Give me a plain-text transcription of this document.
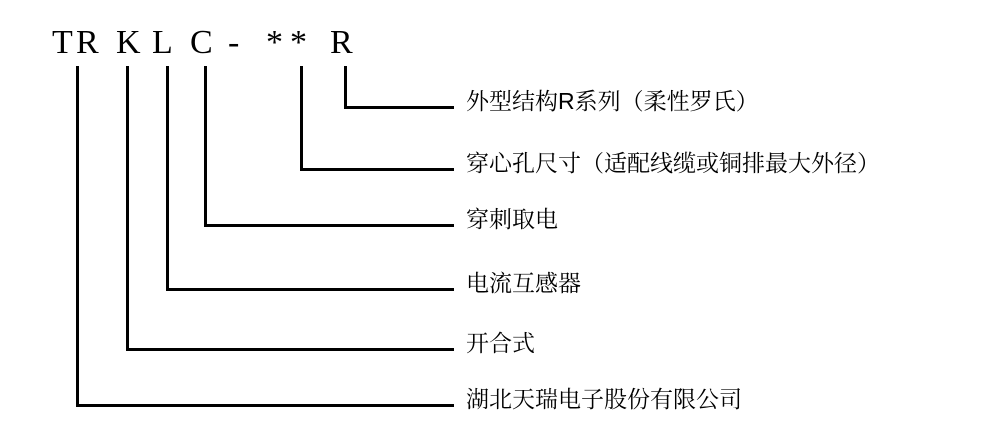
T R K L C - * * R
外型结构R系列（柔性罗氏）
穿心孔尺寸（适配线缆或铜排最大外径）
穿刺取电
电流互感器
开合式
湖北天瑞电子股份有限公司
